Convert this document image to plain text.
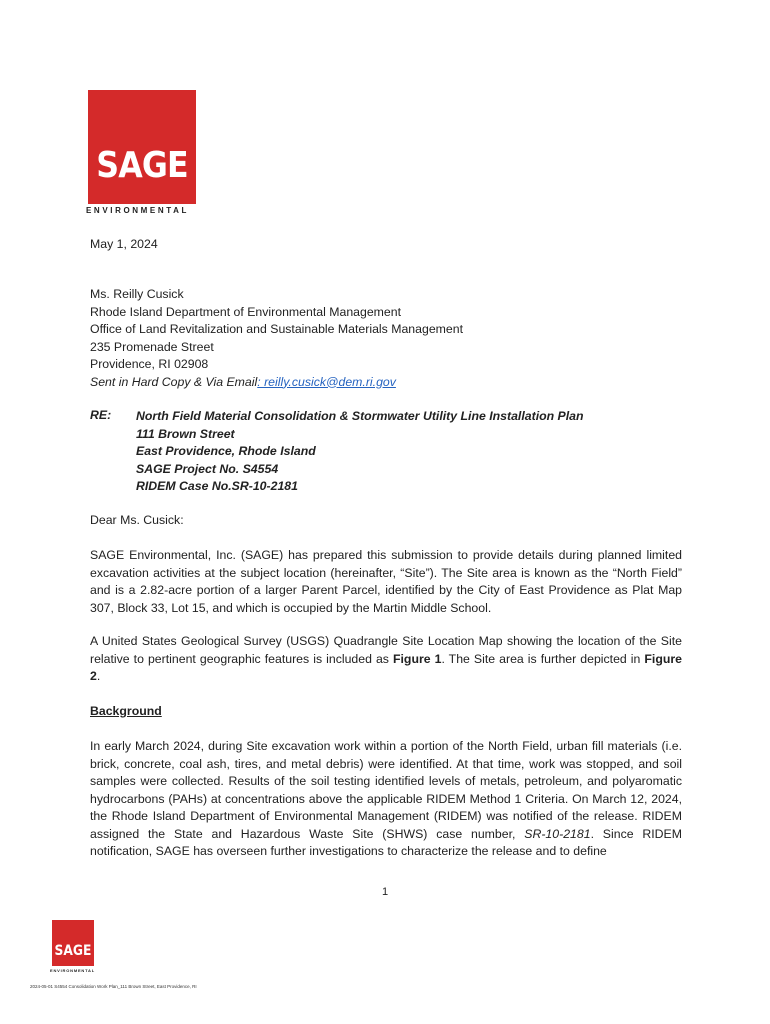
SAGE
ENVIRONMENTAL
May 1, 2024
Ms. Reilly Cusick
Rhode Island Department of Environmental Management
Office of Land Revitalization and Sustainable Materials Management
235 Promenade Street
Providence, RI 02908
Sent in Hard Copy & Via Email: reilly.cusick@dem.ri.gov
RE: North Field Material Consolidation & Stormwater Utility Line Installation Plan
111 Brown Street
East Providence, Rhode Island
SAGE Project No. S4554
RIDEM Case No.SR-10-2181
Dear Ms. Cusick:
SAGE Environmental, Inc. (SAGE) has prepared this submission to provide details during planned limited excavation activities at the subject location (hereinafter, “Site”). The Site area is known as the “North Field” and is a 2.82-acre portion of a larger Parent Parcel, identified by the City of East Providence as Plat Map 307, Block 33, Lot 15, and which is occupied by the Martin Middle School.
A United States Geological Survey (USGS) Quadrangle Site Location Map showing the location of the Site relative to pertinent geographic features is included as Figure 1. The Site area is further depicted in Figure 2.
Background
In early March 2024, during Site excavation work within a portion of the North Field, urban fill materials (i.e. brick, concrete, coal ash, tires, and metal debris) were identified. At that time, work was stopped, and soil samples were collected. Results of the soil testing identified levels of metals, petroleum, and polyaromatic hydrocarbons (PAHs) at concentrations above the applicable RIDEM Method 1 Criteria. On March 12, 2024, the Rhode Island Department of Environmental Management (RIDEM) was notified of the release. RIDEM assigned the State and Hazardous Waste Site (SHWS) case number, SR-10-2181. Since RIDEM notification, SAGE has overseen further investigations to characterize the release and to define
1
SAGE
ENVIRONMENTAL
2024-05-01 S4554 Consolidation Work Plan_111 Brown Street, East Providence, RI
